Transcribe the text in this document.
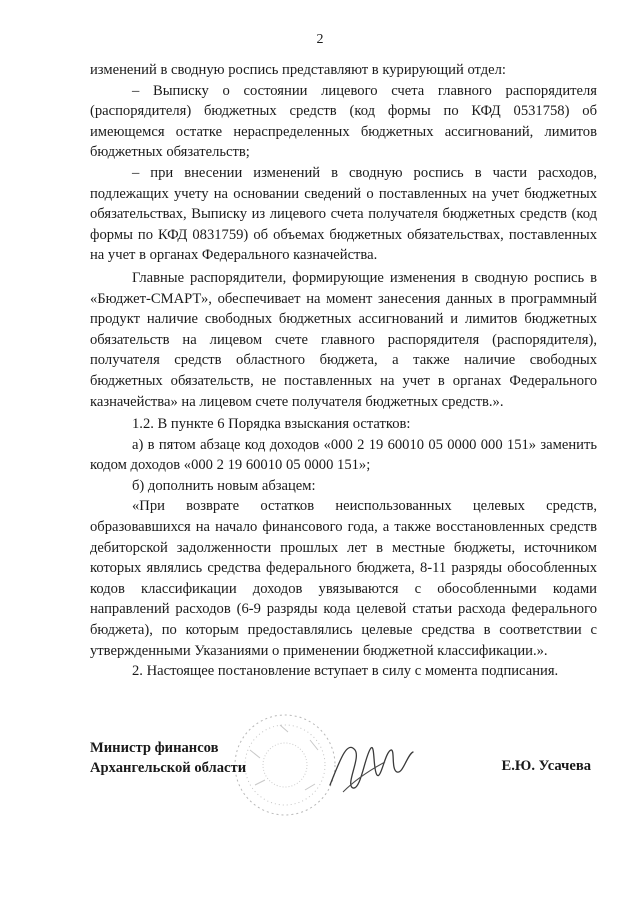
2

изменений в сводную роспись представляют в курирующий отдел:

– Выписку о состоянии лицевого счета главного распорядителя (распорядителя) бюджетных средств (код формы по КФД 0531758) об имеющемся остатке нераспределенных бюджетных ассигнований, лимитов бюджетных обязательств;

– при внесении изменений в сводную роспись в части расходов, подлежащих учету на основании сведений о поставленных на учет бюджетных обязательствах, Выписку из лицевого счета получателя бюджетных средств (код формы по КФД 0831759) об объемах бюджетных обязательствах, поставленных на учет в органах Федерального казначейства.

Главные распорядители, формирующие изменения в сводную роспись в «Бюджет-СМАРТ», обеспечивает на момент занесения данных в программный продукт наличие свободных бюджетных ассигнований и лимитов бюджетных обязательств на лицевом счете главного распорядителя (распорядителя), получателя средств областного бюджета, а также наличие свободных бюджетных обязательств, не поставленных на учет в органах Федерального казначейства» на лицевом счете получателя бюджетных средств.».

1.2. В пункте 6 Порядка взыскания остатков:

а) в пятом абзаце код доходов «000 2 19 60010 05 0000 000 151» заменить кодом доходов «000 2 19 60010 05 0000 151»;

б) дополнить новым абзацем:

«При возврате остатков неиспользованных целевых средств, образовавшихся на начало финансового года, а также восстановленных средств дебиторской задолженности прошлых лет в местные бюджеты, источником которых являлись средства федерального бюджета, 8-11 разряды обособленных кодов классификации доходов увязываются с обособленными кодами направлений расходов (6-9 разряды кода целевой статьи расхода федерального бюджета), по которым предоставлялись целевые средства в соответствии с утвержденными Указаниями о применении бюджетной классификации.».

2. Настоящее постановление вступает в силу с момента подписания.

Министр финансов
Архангельской области	Е.Ю. Усачева
